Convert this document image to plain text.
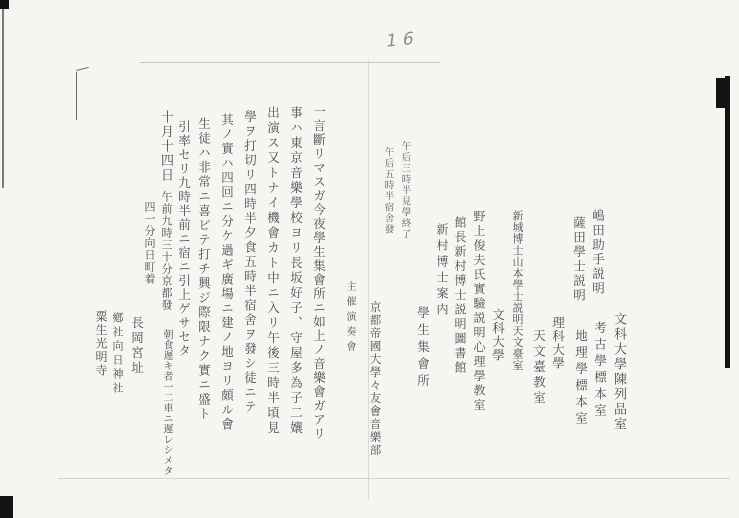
16
文科大學陳列品室
嶋田助手説明
考古學標本室
薩田學士説明
地理學標本室
理科大學
天文臺教室
新城博士山本學士説明天文臺室
文科大學
野上俊夫氏實驗説明心理學教室
館長新村博士説明圖書館
新村博士案内
學生集會所
午后三時半見學終了
午后五時半宿舍發
京都帝國大學々友會音樂部
主催演奏會
一言斷リマスガ今夜學生集會所ニ如上ノ音樂會ガアリ
事ハ東京音樂學校ヨリ長坂好子、守屋多為子二孃
出演ス又トナイ機會カト中ニ入リ午後三時半頃見
學ヲ打切リ四時半夕食五時半宿舍ヲ發シ徒ニテ
其ノ實ハ四回ニ分ケ過ギ廣場ニ建ノ地ヨリ頗ル會
生徒ハ非常ニ喜ビテ打チ興ジ際限ナク實ニ盛ト
引率セリ九時半前ニ宿ニ引上ゲサセタ
十月十四日
午前九時三十分京都發
四一分向日町着
朝食遲キ者一二車ニ遲レシメタ
長岡宮址
鄕社向日神社
粟生光明寺
